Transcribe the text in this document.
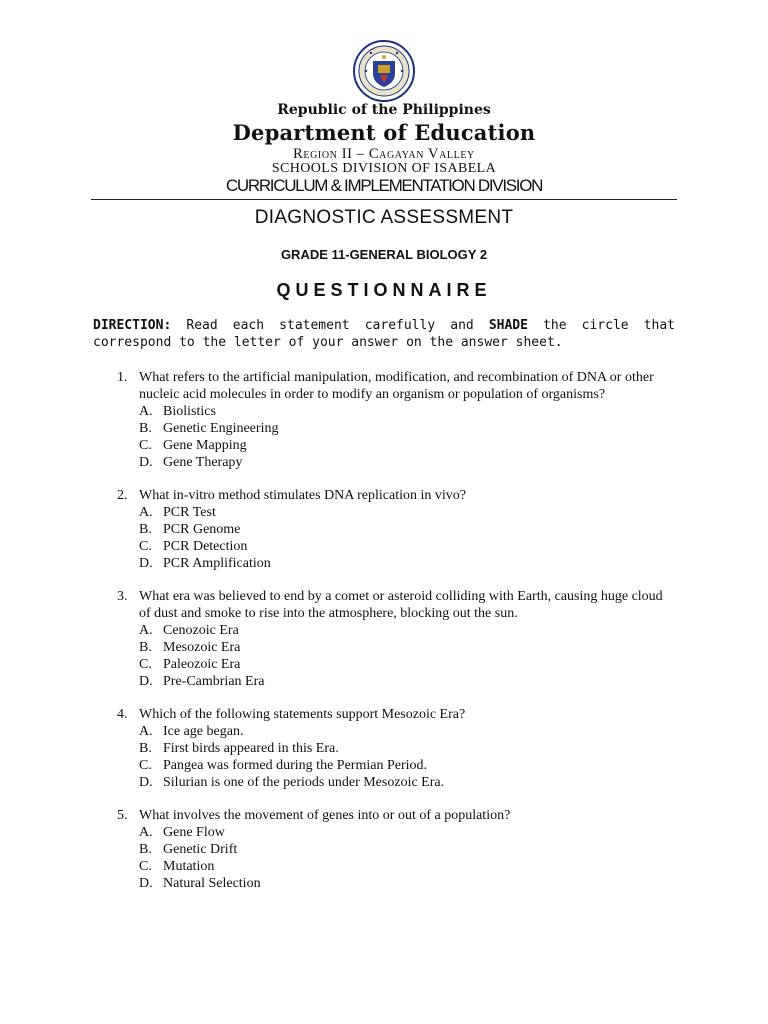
Republic of the Philippines
Department of Education
Region II – Cagayan Valley
SCHOOLS DIVISION OF ISABELA
CURRICULUM & IMPLEMENTATION DIVISION
DIAGNOSTIC ASSESSMENT
GRADE 11-GENERAL BIOLOGY 2
QUESTIONNAIRE
DIRECTION: Read each statement carefully and SHADE the circle that correspond to the letter of your answer on the answer sheet.
1. What refers to the artificial manipulation, modification, and recombination of DNA or other nucleic acid molecules in order to modify an organism or population of organisms?
A. Biolistics
B. Genetic Engineering
C. Gene Mapping
D. Gene Therapy
2. What in-vitro method stimulates DNA replication in vivo?
A. PCR Test
B. PCR Genome
C. PCR Detection
D. PCR Amplification
3. What era was believed to end by a comet or asteroid colliding with Earth, causing huge cloud of dust and smoke to rise into the atmosphere, blocking out the sun.
A. Cenozoic Era
B. Mesozoic Era
C. Paleozoic Era
D. Pre-Cambrian Era
4. Which of the following statements support Mesozoic Era?
A. Ice age began.
B. First birds appeared in this Era.
C. Pangea was formed during the Permian Period.
D. Silurian is one of the periods under Mesozoic Era.
5. What involves the movement of genes into or out of a population?
A. Gene Flow
B. Genetic Drift
C. Mutation
D. Natural Selection
